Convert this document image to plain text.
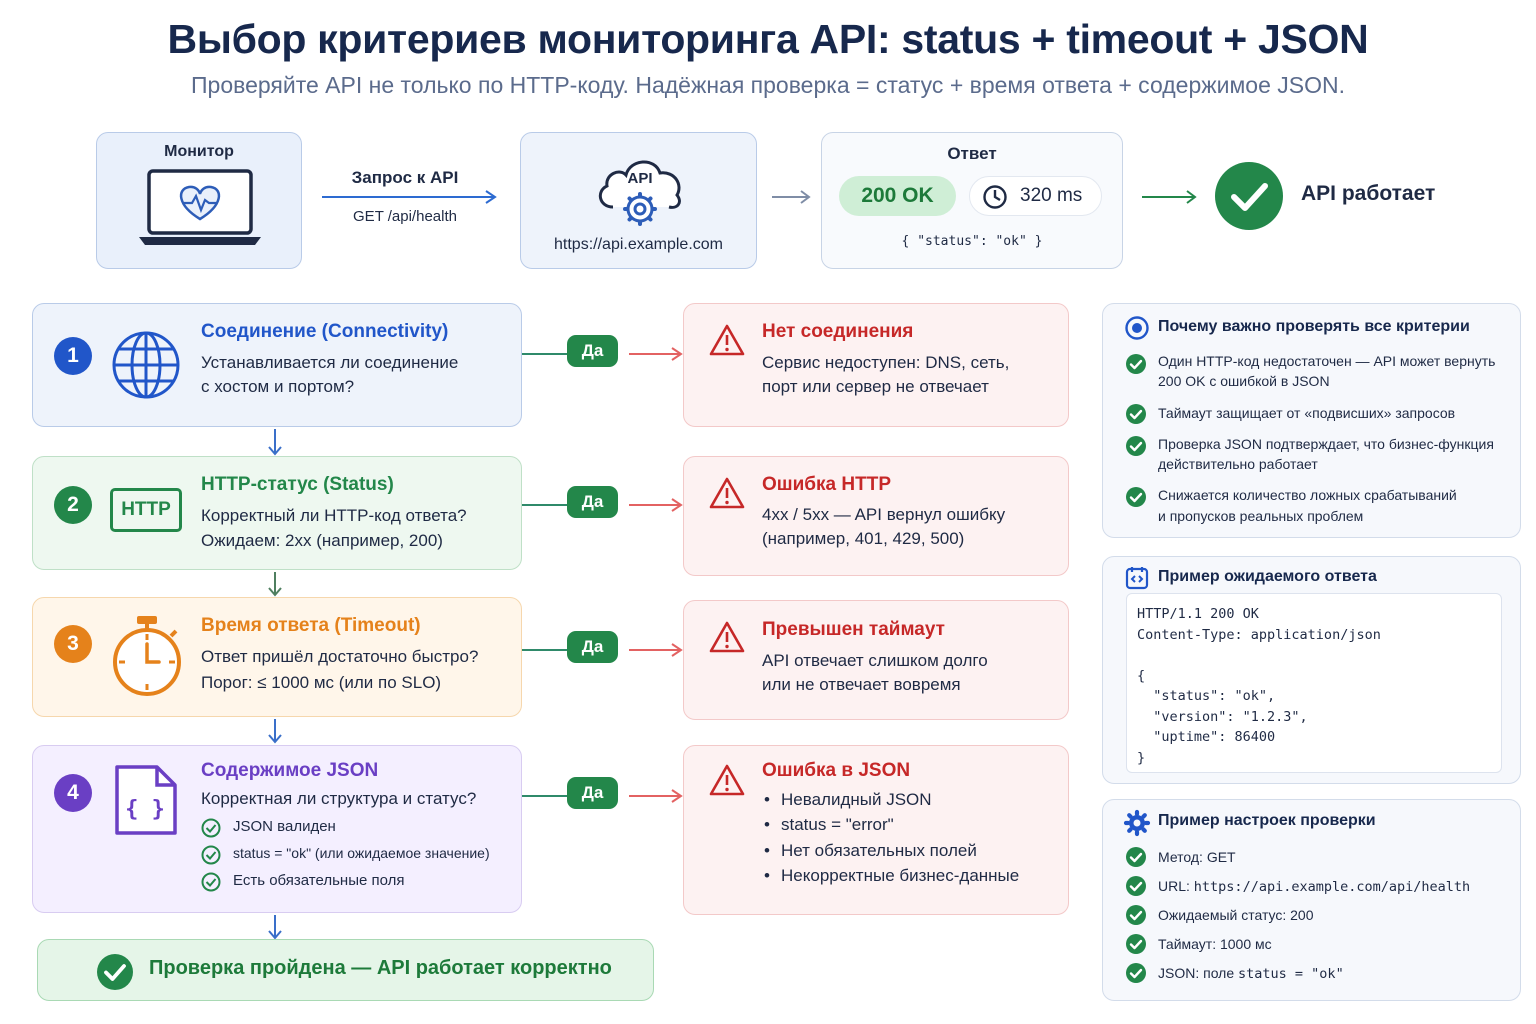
Выбор критериев мониторинга API: status + timeout + JSON
Проверяйте API не только по HTTP-коду. Надёжная проверка = статус + время ответа + содержимое JSON.
Монитор
Запрос к API
GET /api/health
API
https://api.example.com
Ответ
200 OK	320 ms
{ "status": "ok" }
API работает
1
Соединение (Connectivity)
Устанавливается ли соединение
с хостом и портом?
2	HTTP
HTTP-статус (Status)
Корректный ли HTTP-код ответа?
Ожидаем: 2xx (например, 200)
3
Время ответа (Timeout)
Ответ пришёл достаточно быстро?
Порог: ≤ 1000 мс (или по SLO)
4
{ }
Содержимое JSON
Корректная ли структура и статус?
JSON валиден
status = "ok" (или ожидаемое значение)
Есть обязательные поля
Да
Да
Да
Да
Нет соединения
Сервис недоступен: DNS, сеть,
порт или сервер не отвечает
Ошибка HTTP
4xx / 5xx — API вернул ошибку
(например, 401, 429, 500)
Превышен таймаут
API отвечает слишком долго
или не отвечает вовремя
Ошибка в JSON
• Невалидный JSON
• status = "error"
• Нет обязательных полей
• Некорректные бизнес-данные
Проверка пройдена — API работает корректно
Почему важно проверять все критерии
Один HTTP-код недостаточен — API может вернуть
200 OK с ошибкой в JSON
Таймаут защищает от «подвисших» запросов
Проверка JSON подтверждает, что бизнес-функция
действительно работает
Снижается количество ложных срабатываний
и пропусков реальных проблем
Пример ожидаемого ответа
HTTP/1.1 200 OK
Content-Type: application/json
{
"status": "ok",
"version": "1.2.3",
"uptime": 86400
}
Пример настроек проверки
Метод: GET
URL: https://api.example.com/api/health
Ожидаемый статус: 200
Таймаут: 1000 мс
JSON: поле status = "ok"
